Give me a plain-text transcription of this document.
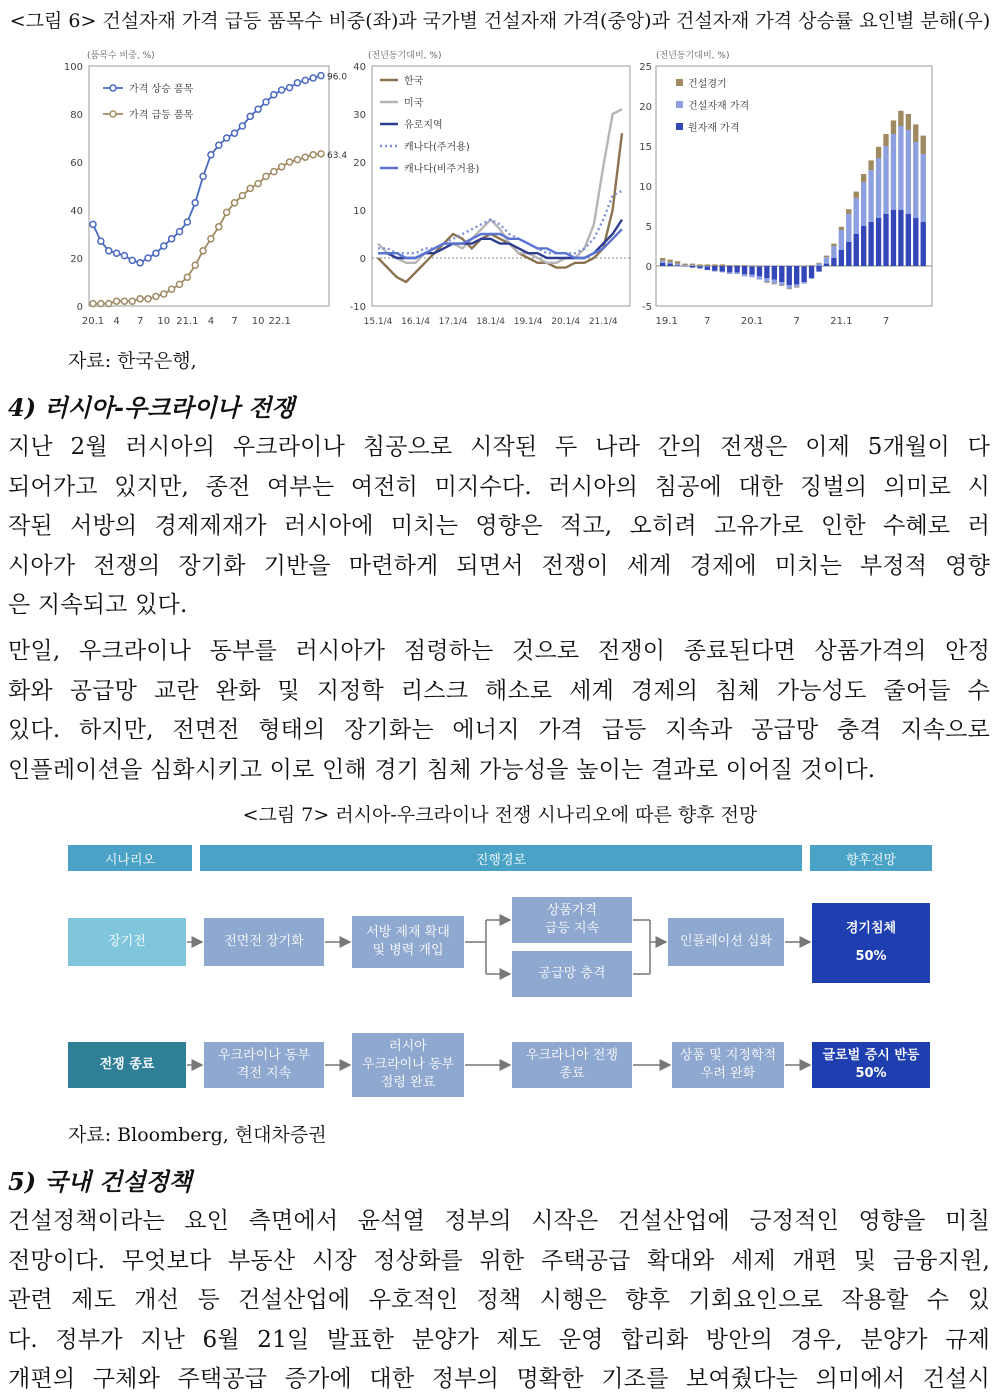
<그림 6> 건설자재 가격 급등 품목수 비중(좌)과 국가별 건설자재 가격(중앙)과 건설자재 가격 상승률 요인별 분해(우)
(품목수 비중, %)
100
80
60
40
20
0
20.1 4 7 10 21.1 4 7 10 22.1
가격 상승 품목
96.0
가격 급등 품목
63.4
(전년동기대비, %)
40
30
20
10
0
-10
15.1/4 16.1/4 17.1/4 18.1/4 19.1/4 20.1/4 21.1/4
한국
미국
유로지역
캐나다(주거용)
캐나다(비주거용)
(전년동기대비, %)
25
20
15
10
5
0
-5
19.1	7	20.1	7	21.1	7
건설경기
건설자재 가격
원자재 가격
자료: 한국은행,
4) 러시아-우크라이나 전쟁
지난 2월 러시아의 우크라이나 침공으로 시작된 두 나라 간의 전쟁은 이제 5개월이 다
되어가고 있지만, 종전 여부는 여전히 미지수다. 러시아의 침공에 대한 징벌의 의미로 시
작된 서방의 경제제재가 러시아에 미치는 영향은 적고, 오히려 고유가로 인한 수혜로 러
시아가 전쟁의 장기화 기반을 마련하게 되면서 전쟁이 세계 경제에 미치는 부정적 영향
은 지속되고 있다.
만일, 우크라이나 동부를 러시아가 점령하는 것으로 전쟁이 종료된다면 상품가격의 안정
화와 공급망 교란 완화 및 지정학 리스크 해소로 세계 경제의 침체 가능성도 줄어들 수
있다. 하지만, 전면전 형태의 장기화는 에너지 가격 급등 지속과 공급망 충격 지속으로
인플레이션을 심화시키고 이로 인해 경기 침체 가능성을 높이는 결과로 이어질 것이다.
<그림 7> 러시아-우크라이나 전쟁 시나리오에 따른 향후 전망
시나리오	진행경로	향후전망
장기전	전면전 장기화
서방 제재 확대
및 병력 개입
상품가격
급등 지속
공급망 충격
인플레이션 심화
경기침체
50%
전쟁 종료
우크라이나 동부
격전 지속
러시아
우크라이나 동부
점령 완료
우크라니아 전쟁
종료
상품 및 지정학적
우려 완화
글로벌 증시 반등
50%
자료: Bloomberg, 현대차증권
5) 국내 건설정책
건설정책이라는 요인 측면에서 윤석열 정부의 시작은 건설산업에 긍정적인 영향을 미칠
전망이다. 무엇보다 부동산 시장 정상화를 위한 주택공급 확대와 세제 개편 및 금융지원,
관련 제도 개선 등 건설산업에 우호적인 정책 시행은 향후 기회요인으로 작용할 수 있
다. 정부가 지난 6월 21일 발표한 분양가 제도 운영 합리화 방안의 경우, 분양가 규제
개편의 구체와 주택공급 증가에 대한 정부의 명확한 기조를 보여줬다는 의미에서 건설시
